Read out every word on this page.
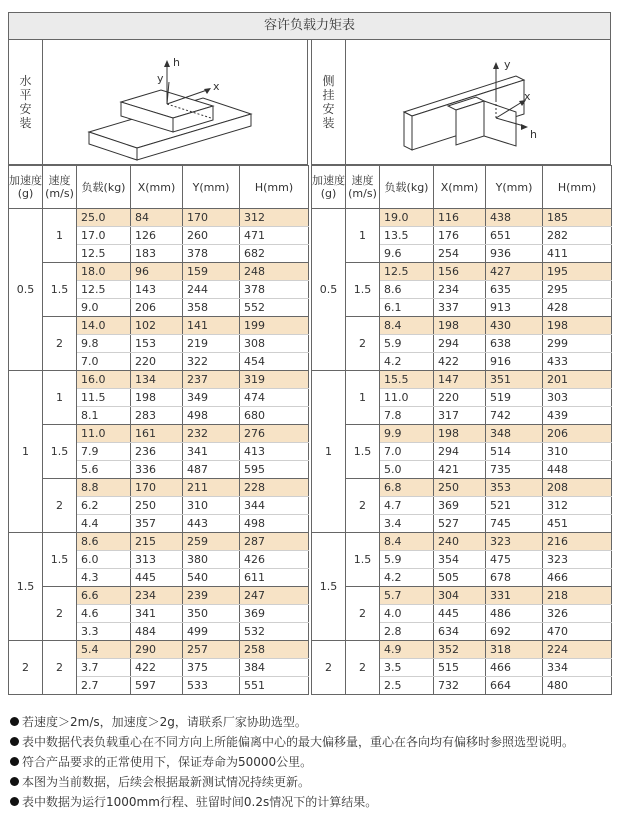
容许负载力矩表
水平安装
h
y
x
加速度
(g)	速度
(m/s)	负载(kg)	X(mm)	Y(mm)	H(mm)
0.5	1	25.0	84	170	312
		17.0	126	260	471
		12.5	183	378	682
	1.5	18.0	96	159	248
		12.5	143	244	378
		9.0	206	358	552
	2	14.0	102	141	199
		9.8	153	219	308
		7.0	220	322	454
1	1	16.0	134	237	319
		11.5	198	349	474
		8.1	283	498	680
	1.5	11.0	161	232	276
		7.9	236	341	413
		5.6	336	487	595
	2	8.8	170	211	228
		6.2	250	310	344
		4.4	357	443	498
1.5	1.5	8.6	215	259	287
		6.0	313	380	426
		4.3	445	540	611
	2	6.6	234	239	247
		4.6	341	350	369
		3.3	484	499	532
2	2	5.4	290	257	258
		3.7	422	375	384
		2.7	597	533	551
侧挂安装
y
x
h
加速度
(g)	速度
(m/s)	负载(kg)	X(mm)	Y(mm)	H(mm)
0.5	1	19.0	116	438	185
		13.5	176	651	282
		9.6	254	936	411
	1.5	12.5	156	427	195
		8.6	234	635	295
		6.1	337	913	428
	2	8.4	198	430	198
		5.9	294	638	299
		4.2	422	916	433
1	1	15.5	147	351	201
		11.0	220	519	303
		7.8	317	742	439
	1.5	9.9	198	348	206
		7.0	294	514	310
		5.0	421	735	448
	2	6.8	250	353	208
		4.7	369	521	312
		3.4	527	745	451
1.5	1.5	8.4	240	323	216
		5.9	354	475	323
		4.2	505	678	466
	2	5.7	304	331	218
		4.0	445	486	326
		2.8	634	692	470
2	2	4.9	352	318	224
		3.5	515	466	334
		2.5	732	664	480
若速度＞2m/s，加速度＞2g，请联系厂家协助选型。
表中数据代表负载重心在不同方向上所能偏离中心的最大偏移量，重心在各向均有偏移时参照选型说明。
符合产品要求的正常使用下，保证寿命为50000公里。
本图为当前数据，后续会根据最新测试情况持续更新。
表中数据为运行1000mm行程、驻留时间0.2s情况下的计算结果。
